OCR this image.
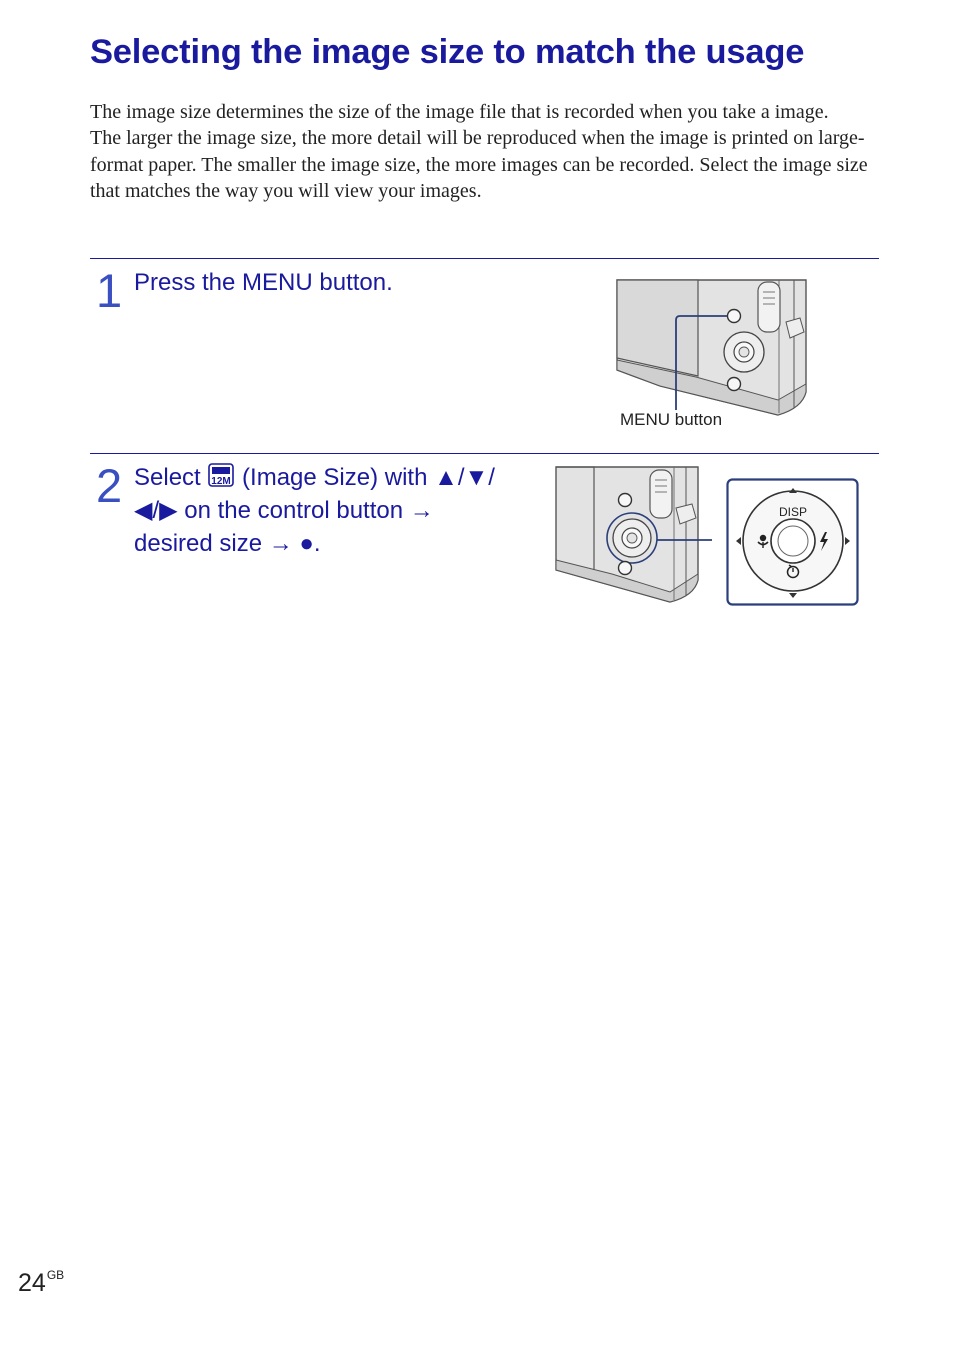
Selecting the image size to match the usage

The image size determines the size of the image file that is recorded when you take a image.

The larger the image size, the more detail will be reproduced when the image is printed on large-format paper. The smaller the image size, the more images can be recorded. Select the image size that matches the way you will view your images.

1 Press the MENU button.
MENU button
2 Select 12M (Image Size) with ▲/▼/
◀/▶ on the control button →
desired size → ●.
DISP
$24^{GB}$
